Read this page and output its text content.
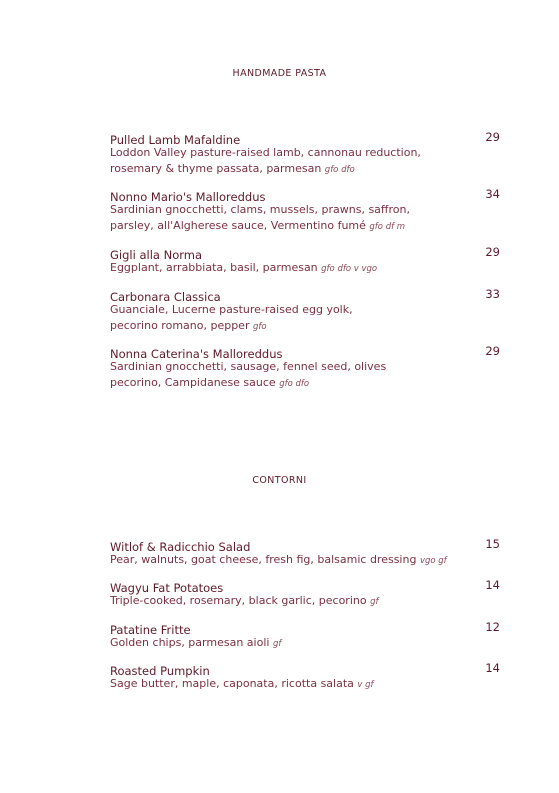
HANDMADE PASTA
Pulled Lamb Mafaldine	29
Loddon Valley pasture-raised lamb, cannonau reduction,
rosemary & thyme passata, parmesan gfo dfo
Nonno Mario's Malloreddus	34
Sardinian gnocchetti, clams, mussels, prawns, saffron,
parsley, all'Algherese sauce, Vermentino fumé gfo df m
Gigli alla Norma	29
Eggplant, arrabbiata, basil, parmesan gfo dfo v vgo
Carbonara Classica	33
Guanciale, Lucerne pasture-raised egg yolk,
pecorino romano, pepper gfo
Nonna Caterina's Malloreddus	29
Sardinian gnocchetti, sausage, fennel seed, olives
pecorino, Campidanese sauce gfo dfo
CONTORNI
Witlof & Radicchio Salad	15
Pear, walnuts, goat cheese, fresh fig, balsamic dressing vgo gf
Wagyu Fat Potatoes	14
Triple-cooked, rosemary, black garlic, pecorino gf
Patatine Fritte	12
Golden chips, parmesan aioli gf
Roasted Pumpkin	14
Sage butter, maple, caponata, ricotta salata v gf
